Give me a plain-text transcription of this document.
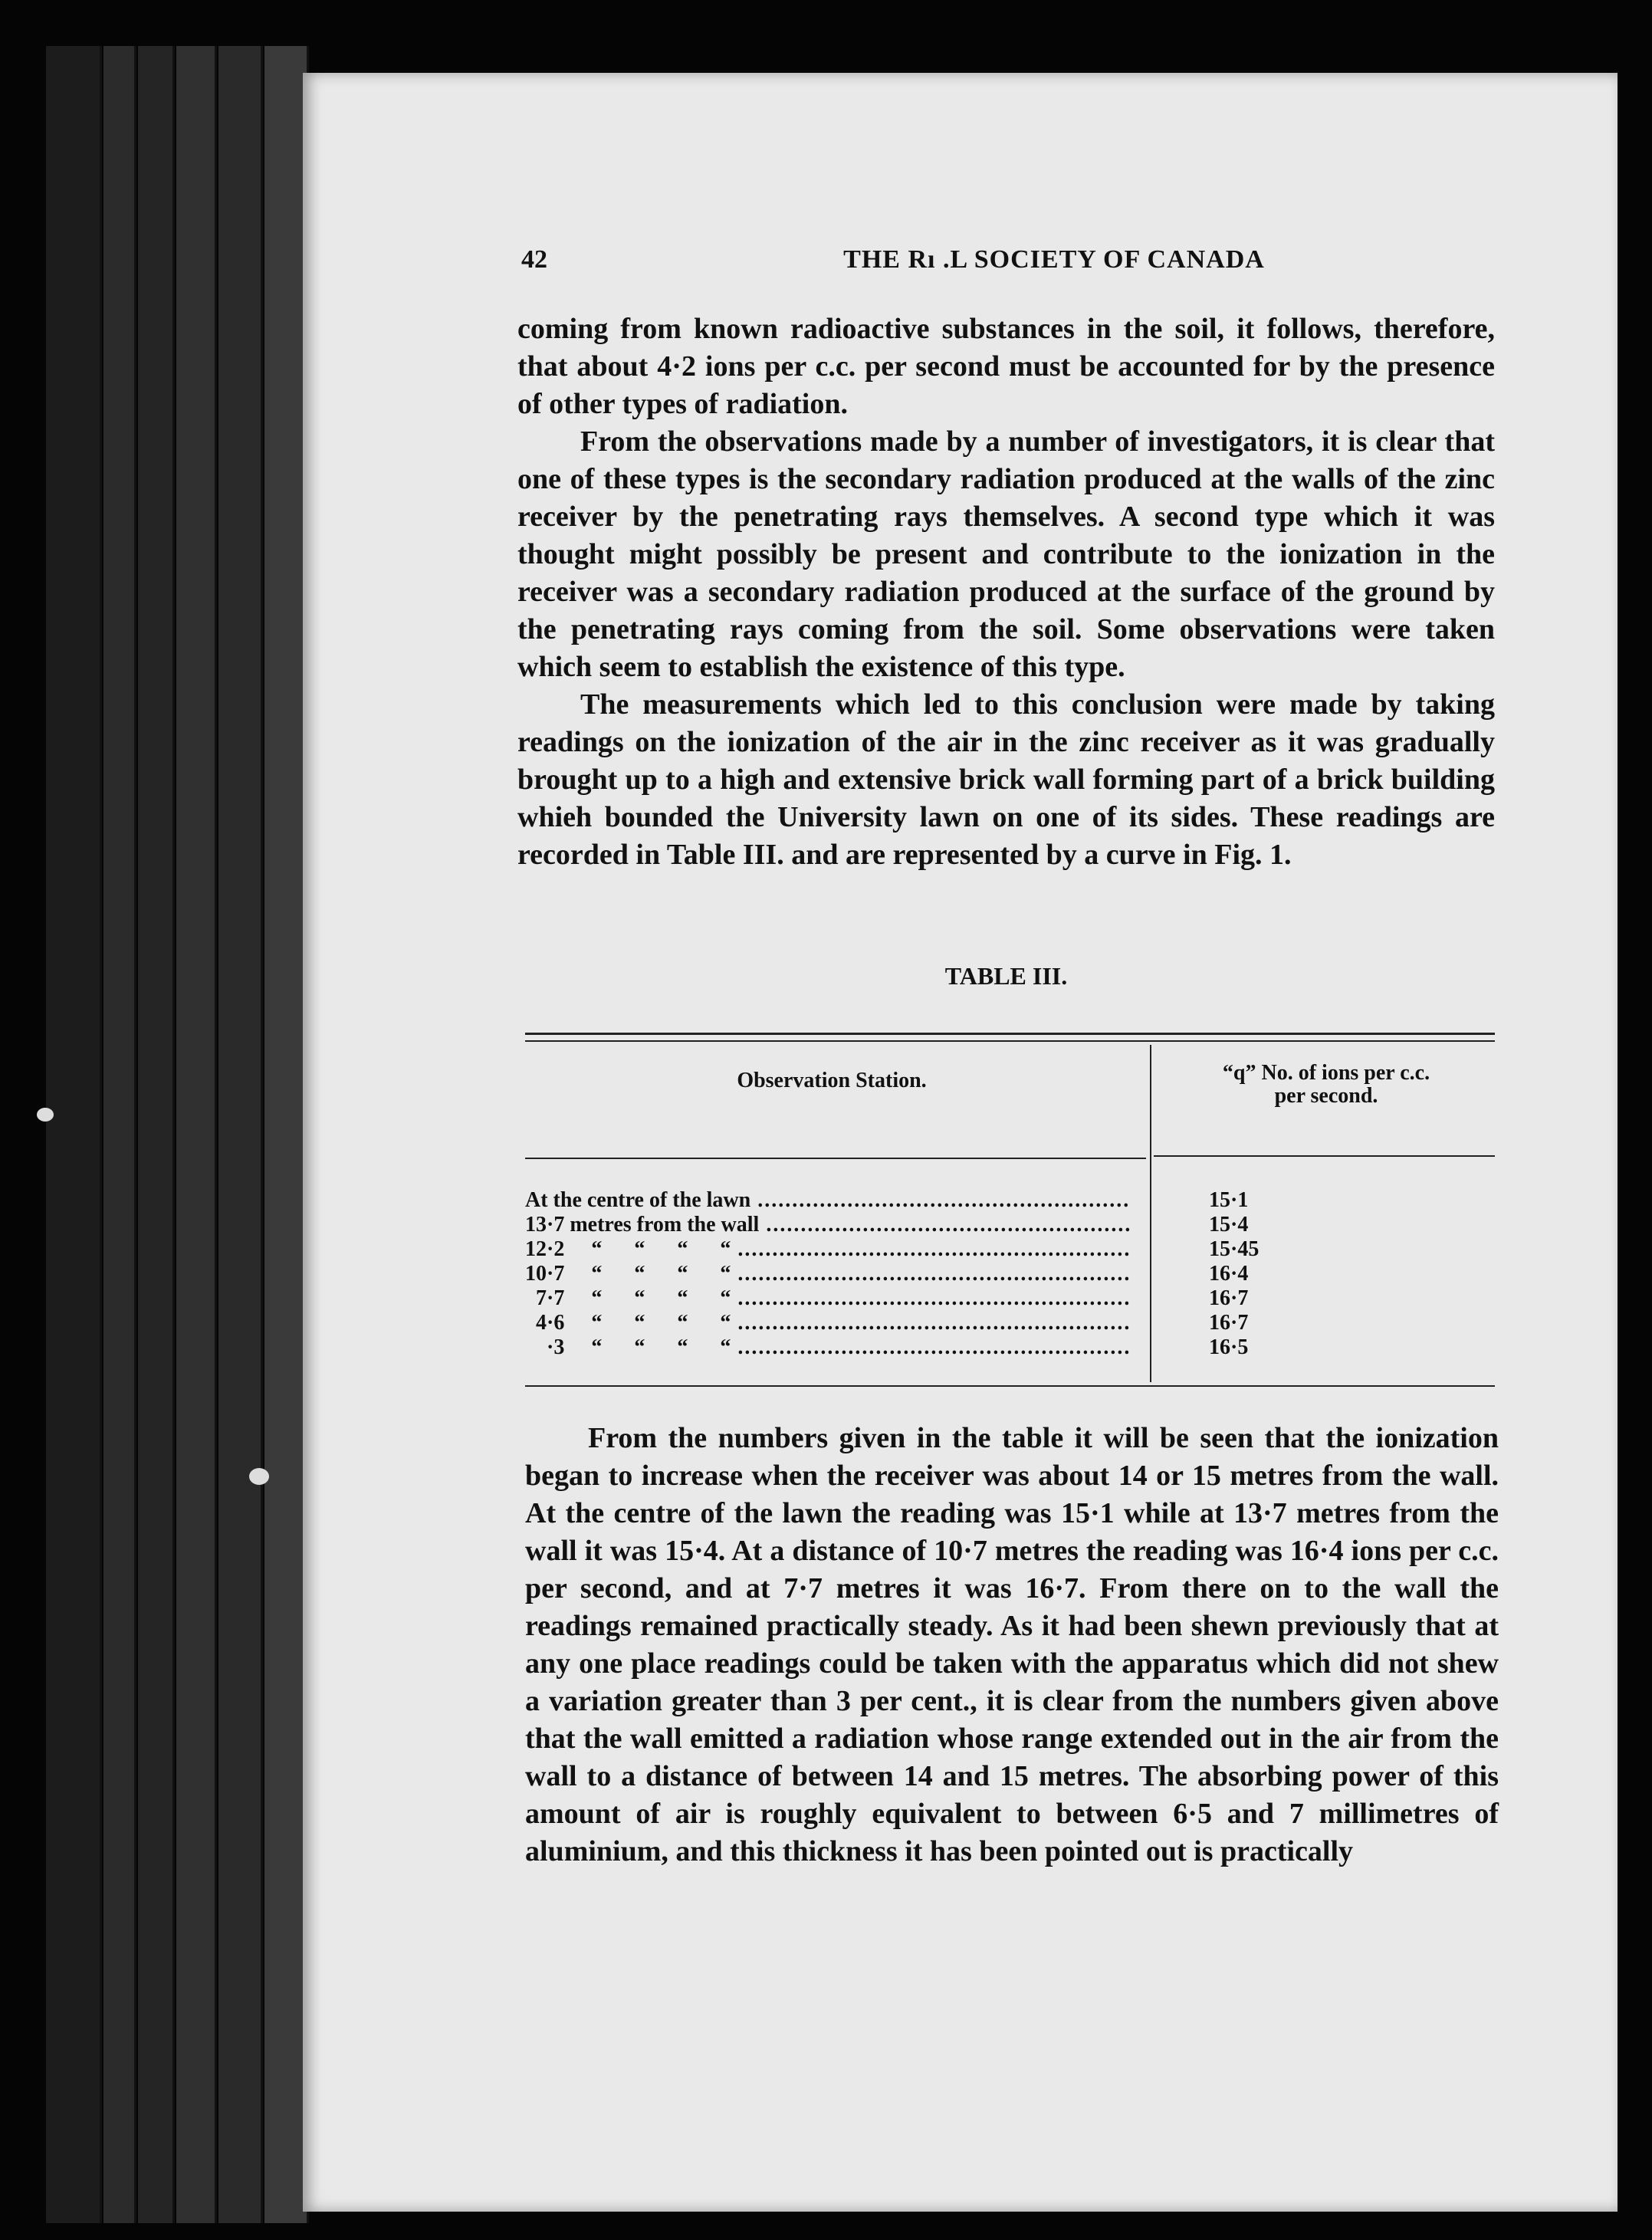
42	THE Rı .L SOCIETY OF CANADA

coming from known radioactive substances in the soil, it follows, therefore, that about 4·2 ions per c.c. per second must be accounted for by the presence of other types of radiation.

From the observations made by a number of investigators, it is clear that one of these types is the secondary radiation produced at the walls of the zinc receiver by the penetrating rays themselves. A second type which it was thought might possibly be present and contribute to the ionization in the receiver was a secondary radiation produced at the surface of the ground by the penetrating rays coming from the soil. Some observations were taken which seem to establish the existence of this type.

The measurements which led to this conclusion were made by taking readings on the ionization of the air in the zinc receiver as it was gradually brought up to a high and extensive brick wall forming part of a brick building whieh bounded the University lawn on one of its sides. These readings are recorded in Table III. and are represented by a curve in Fig. 1.

TABLE III.
Observation Station.	“q” No. of ions per c.c.
per second.
At the centre of the lawn .....	15·1
13·7 metres from the wall .....	15·4
12·2     “      “      “      “ .....	15·45
10·7     “      “      “      “ .....	16·4
7·7     “      “      “      “ .....	16·7
4·6     “      “      “      “ .....	16·7
·3     “      “      “      “ .....	16·5

From the numbers given in the table it will be seen that the ionization began to increase when the receiver was about 14 or 15 metres from the wall. At the centre of the lawn the reading was 15·1 while at 13·7 metres from the wall it was 15·4. At a distance of 10·7 metres the reading was 16·4 ions per c.c. per second, and at 7·7 metres it was 16·7. From there on to the wall the readings remained practically steady. As it had been shewn previously that at any one place readings could be taken with the apparatus which did not shew a variation greater than 3 per cent., it is clear from the numbers given above that the wall emitted a radiation whose range extended out in the air from the wall to a distance of between 14 and 15 metres. The absorbing power of this amount of air is roughly equivalent to between 6·5 and 7 millimetres of aluminium, and this thickness it has been pointed out is practically
